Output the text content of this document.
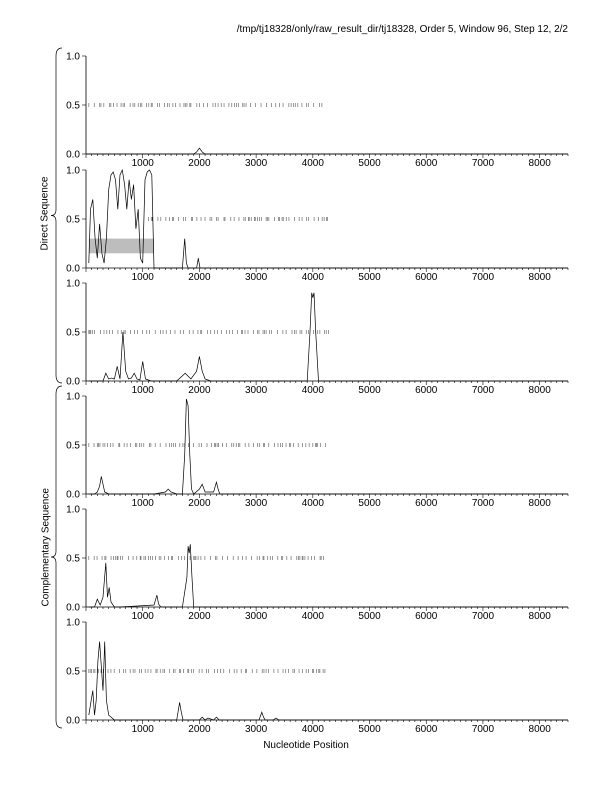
/tmp/tj18328/only/raw_result_dir/tj18328, Order 5, Window 96, Step 12, 2/2
1000	2000	3000	4000	5000	6000	7000	8000
0.0
0.5
1.0
1000	2000	3000	4000	5000	6000	7000	8000
0.0
0.5
1.0
1000	2000	3000	4000	5000	6000	7000	8000
0.0
0.5
1.0
1000	2000	3000	4000	5000	6000	7000	8000
0.0
0.5
1.0
1000	2000	3000	4000	5000	6000	7000	8000
0.0
0.5
1.0
1000	2000	3000	4000	5000	6000	7000	8000
0.0
0.5
1.0
Direct Sequence
Complementary Sequence
Nucleotide Position
